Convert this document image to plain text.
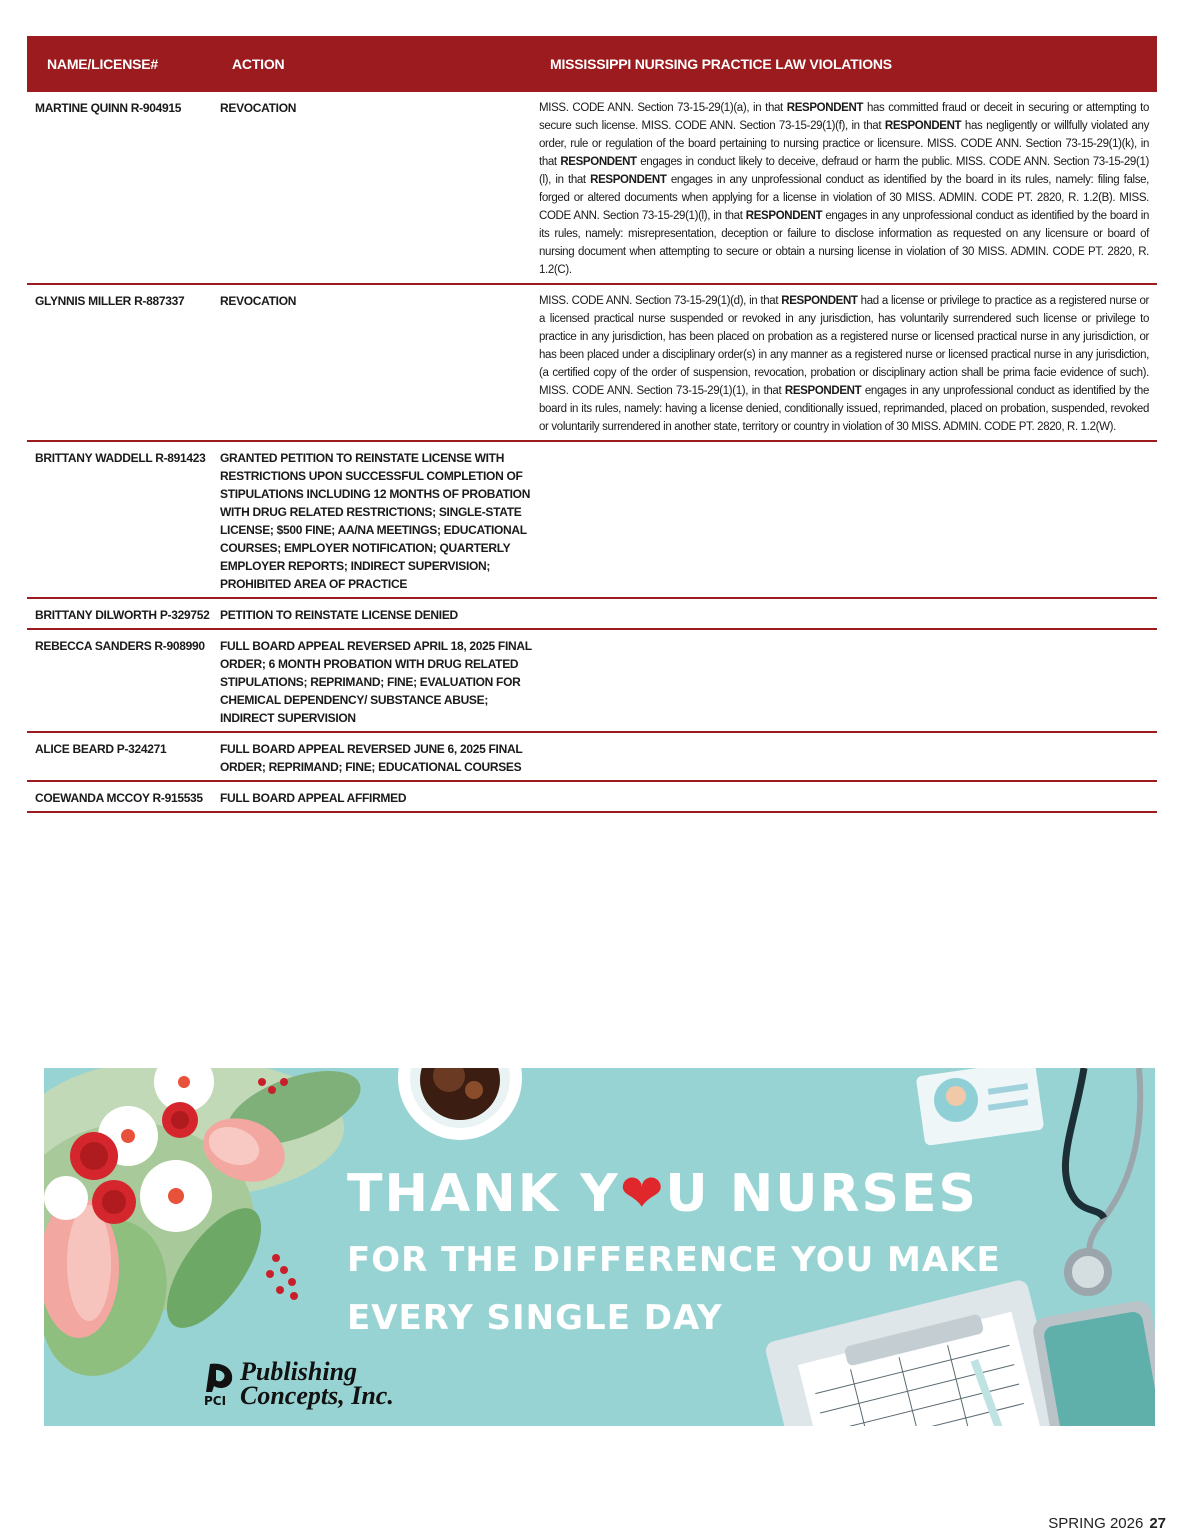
NAME/LICENSE#	ACTION	MISSISSIPPI NURSING PRACTICE LAW VIOLATIONS
MARTINE QUINN R-904915	REVOCATION	MISS. CODE ANN. Section 73-15-29(1)(a), in that RESPONDENT has committed fraud or deceit in securing or attempting to secure such license. MISS. CODE ANN. Section 73-15-29(1)(f), in that RESPONDENT has negligently or willfully violated any order, rule or regulation of the board pertaining to nursing practice or licensure. MISS. CODE ANN. Section 73-15-29(1)(k), in that RESPONDENT engages in conduct likely to deceive, defraud or harm the public. MISS. CODE ANN. Section 73-15-29(1)(l), in that RESPONDENT engages in any unprofessional conduct as identified by the board in its rules, namely: filing false, forged or altered documents when applying for a license in violation of 30 MISS. ADMIN. CODE PT. 2820, R. 1.2(B). MISS. CODE ANN. Section 73-15-29(1)(l), in that RESPONDENT engages in any unprofessional conduct as identified by the board in its rules, namely: misrepresentation, deception or failure to disclose information as requested on any licensure or board of nursing document when attempting to secure or obtain a nursing license in violation of 30 MISS. ADMIN. CODE PT. 2820, R. 1.2(C).
GLYNNIS MILLER R-887337	REVOCATION	MISS. CODE ANN. Section 73-15-29(1)(d), in that RESPONDENT had a license or privilege to practice as a registered nurse or a licensed practical nurse suspended or revoked in any jurisdiction, has voluntarily surrendered such license or privilege to practice in any jurisdiction, has been placed on probation as a registered nurse or licensed practical nurse in any jurisdiction, or has been placed under a disciplinary order(s) in any manner as a registered nurse or licensed practical nurse in any jurisdiction, (a certified copy of the order of suspension, revocation, probation or disciplinary action shall be prima facie evidence of such). MISS. CODE ANN. Section 73-15-29(1)(1), in that RESPONDENT engages in any unprofessional conduct as identified by the board in its rules, namely: having a license denied, conditionally issued, reprimanded, placed on probation, suspended, revoked or voluntarily surrendered in another state, territory or country in violation of 30 MISS. ADMIN. CODE PT. 2820, R. 1.2(W).
BRITTANY WADDELL R-891423	GRANTED PETITION TO REINSTATE LICENSE WITH RESTRICTIONS UPON SUCCESSFUL COMPLETION OF STIPULATIONS INCLUDING 12 MONTHS OF PROBATION WITH DRUG RELATED RESTRICTIONS; SINGLE-STATE LICENSE; $500 FINE; AA/NA MEETINGS; EDUCATIONAL COURSES; EMPLOYER NOTIFICATION; QUARTERLY EMPLOYER REPORTS; INDIRECT SUPERVISION; PROHIBITED AREA OF PRACTICE
BRITTANY DILWORTH P-329752 PETITION TO REINSTATE LICENSE DENIED
REBECCA SANDERS R-908990	FULL BOARD APPEAL REVERSED APRIL 18, 2025 FINAL ORDER; 6 MONTH PROBATION WITH DRUG RELATED STIPULATIONS; REPRIMAND; FINE; EVALUATION FOR CHEMICAL DEPENDENCY/ SUBSTANCE ABUSE; INDIRECT SUPERVISION
ALICE BEARD P-324271	FULL BOARD APPEAL REVERSED JUNE 6, 2025 FINAL ORDER; REPRIMAND; FINE; EDUCATIONAL COURSES
COEWANDA MCCOY R-915535	FULL BOARD APPEAL AFFIRMED
THANK Y❤U NURSES
FOR THE DIFFERENCE YOU MAKE
EVERY SINGLE DAY
PCI
Publishing
Concepts, Inc.
SPRING 2026 27
